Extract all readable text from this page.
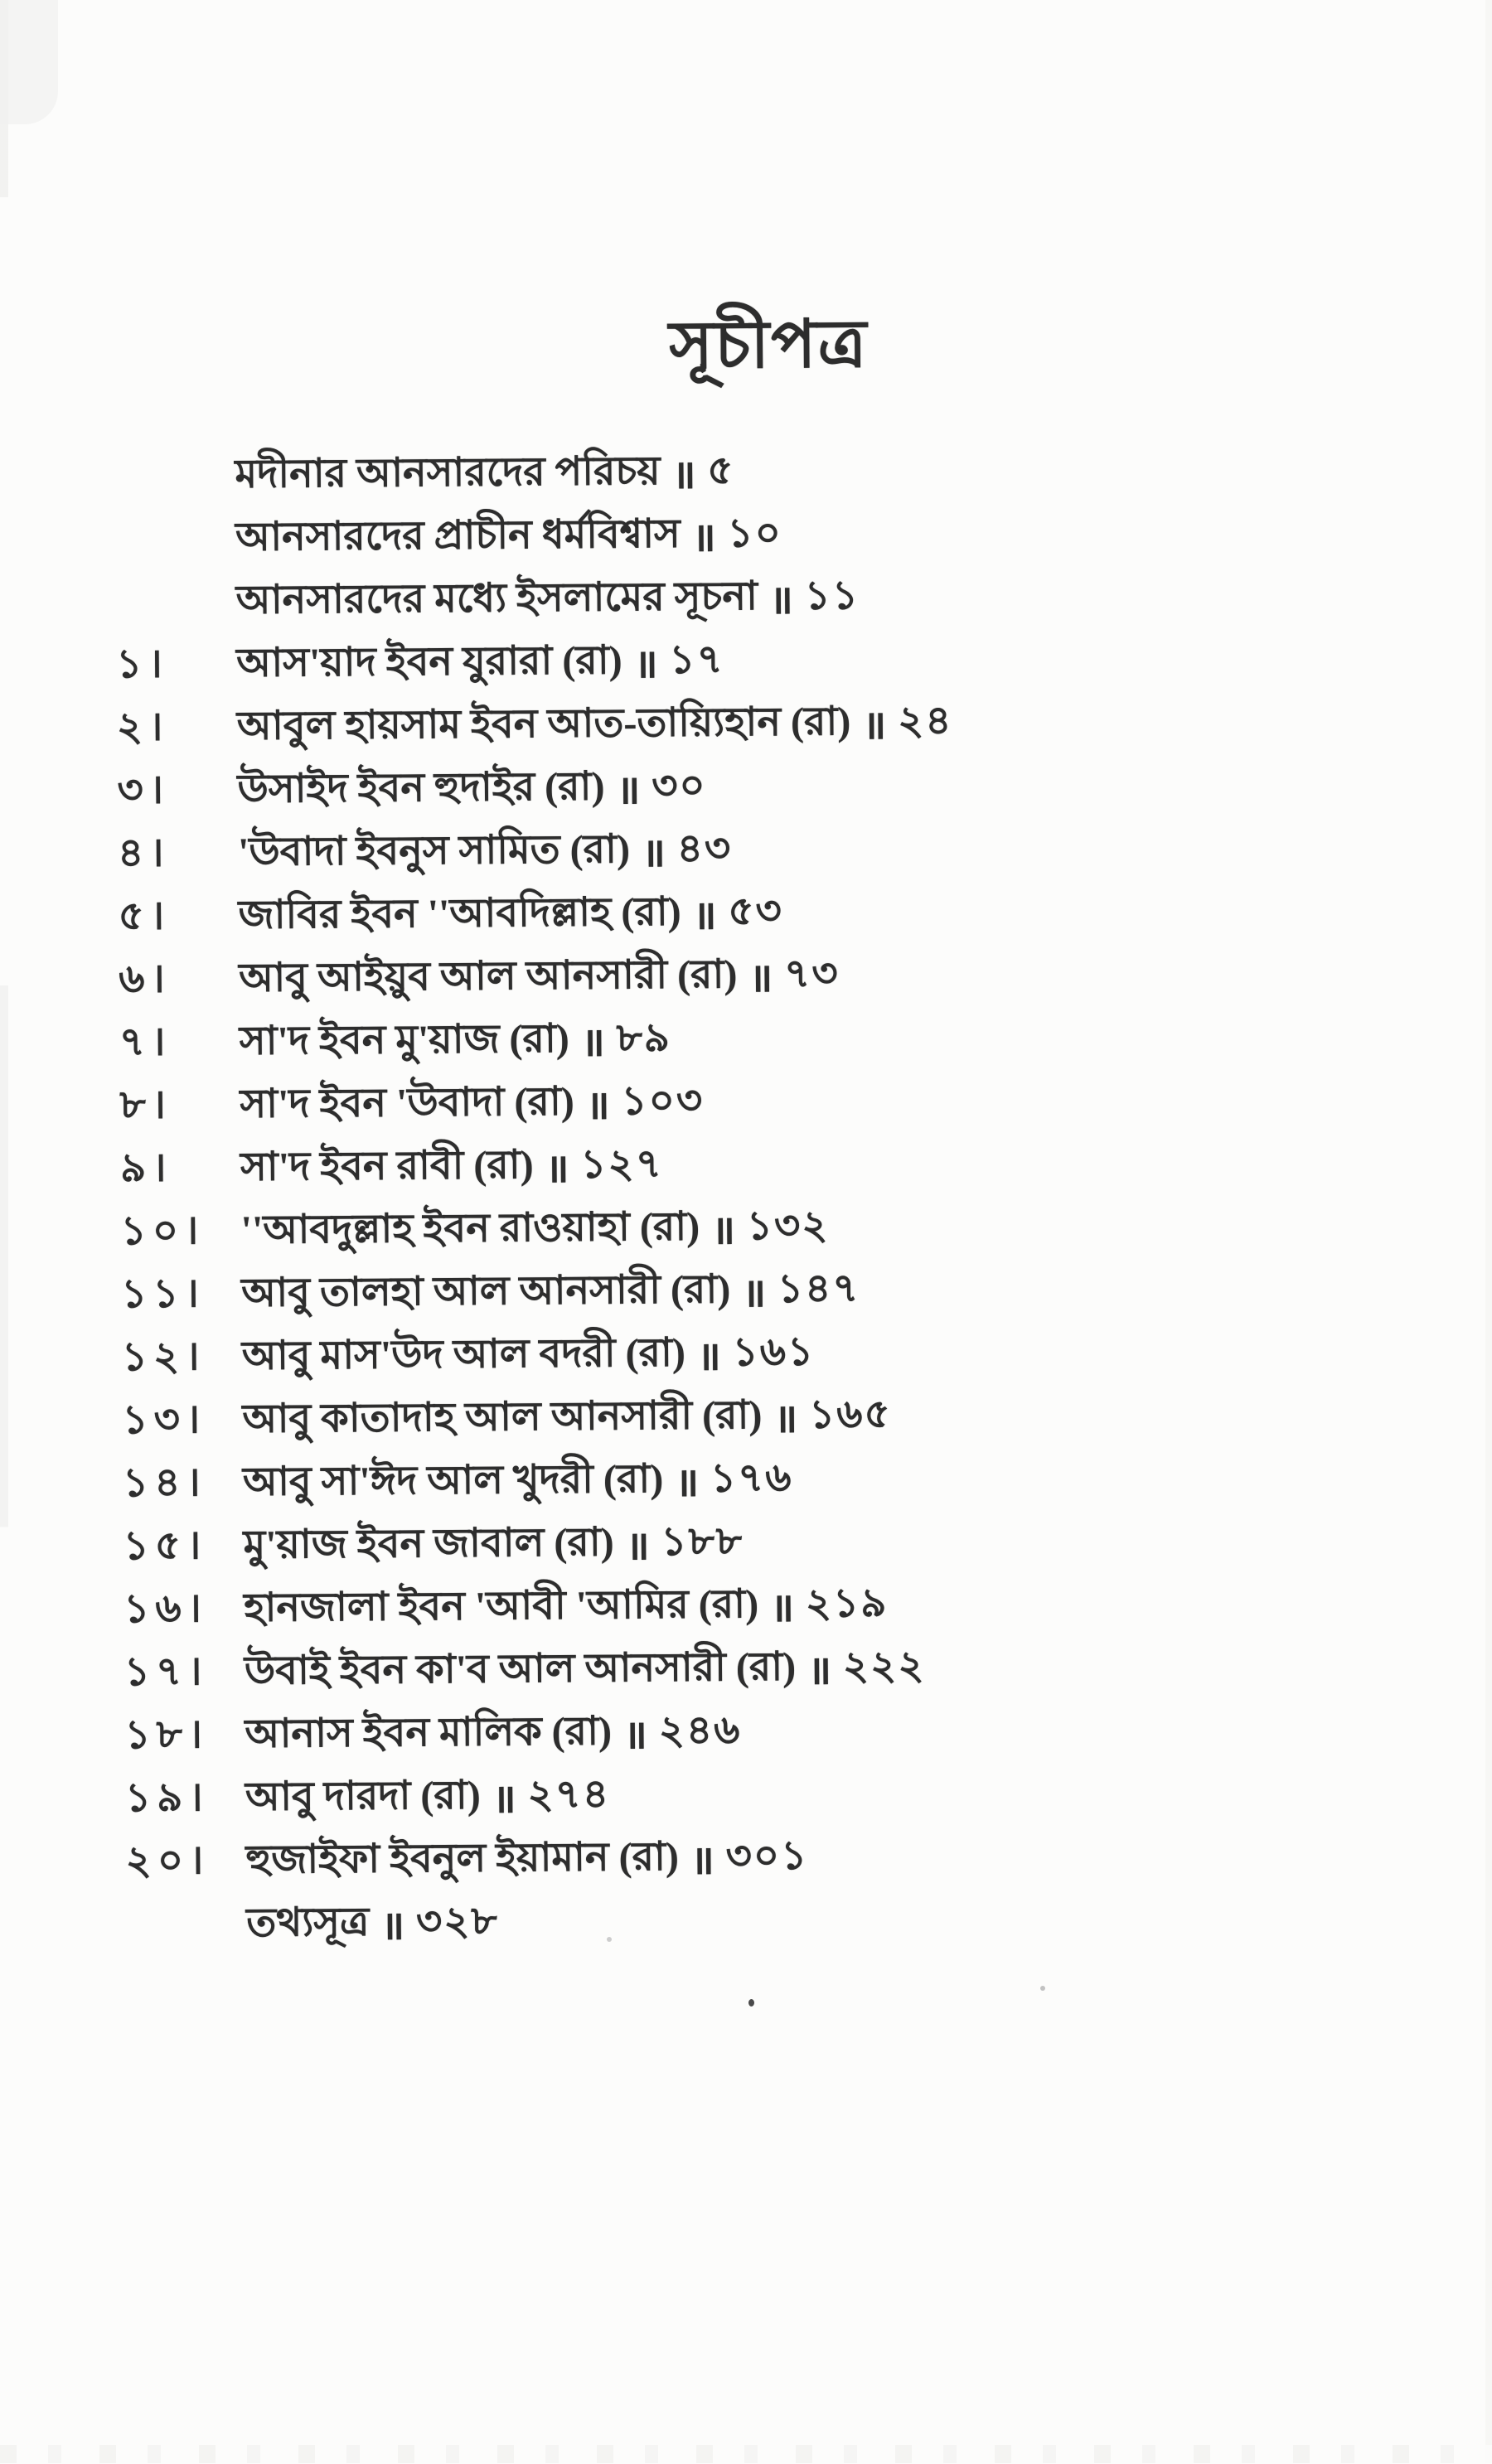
সূচীপত্র
মদীনার আনসারদের পরিচয় ॥ ৫
আনসারদের প্রাচীন ধর্মবিশ্বাস ॥ ১০
আনসারদের মধ্যে ইসলামের সূচনা ॥ ১১
১।	আস'য়াদ ইবন যুরারা (রা) ॥ ১৭
২।	আবুল হায়সাম ইবন আত-তায়্যিহান (রা) ॥ ২৪
৩।	উসাইদ ইবন হুদাইর (রা) ॥ ৩০
৪।	'উবাদা ইবনুস সামিত (রা) ॥ ৪৩
৫।	জাবির ইবন ''আবদিল্লাহ (রা) ॥ ৫৩
৬।	আবু আইয়ুব আল আনসারী (রা) ॥ ৭৩
৭।	সা'দ ইবন মু'য়াজ (রা) ॥ ৮৯
৮।	সা'দ ইবন 'উবাদা (রা) ॥ ১০৩
৯।	সা'দ ইবন রাবী (রা) ॥ ১২৭
১০। ''আবদুল্লাহ ইবন রাওয়াহা (রা) ॥ ১৩২
১১। আবু তালহা আল আনসারী (রা) ॥ ১৪৭
১২। আবু মাস'উদ আল বদরী (রা) ॥ ১৬১
১৩। আবু কাতাদাহ আল আনসারী (রা) ॥ ১৬৫
১৪। আবু সা'ঈদ আল খুদরী (রা) ॥ ১৭৬
১৫। মু'য়াজ ইবন জাবাল (রা) ॥ ১৮৮
১৬। হানজালা ইবন 'আবী 'আমির (রা) ॥ ২১৯
১৭। উবাই ইবন কা'ব আল আনসারী (রা) ॥ ২২২
১৮। আনাস ইবন মালিক (রা) ॥ ২৪৬
১৯। আবু দারদা (রা) ॥ ২৭৪
২০। হুজাইফা ইবনুল ইয়ামান (রা) ॥ ৩০১
তথ্যসূত্র ॥ ৩২৮
